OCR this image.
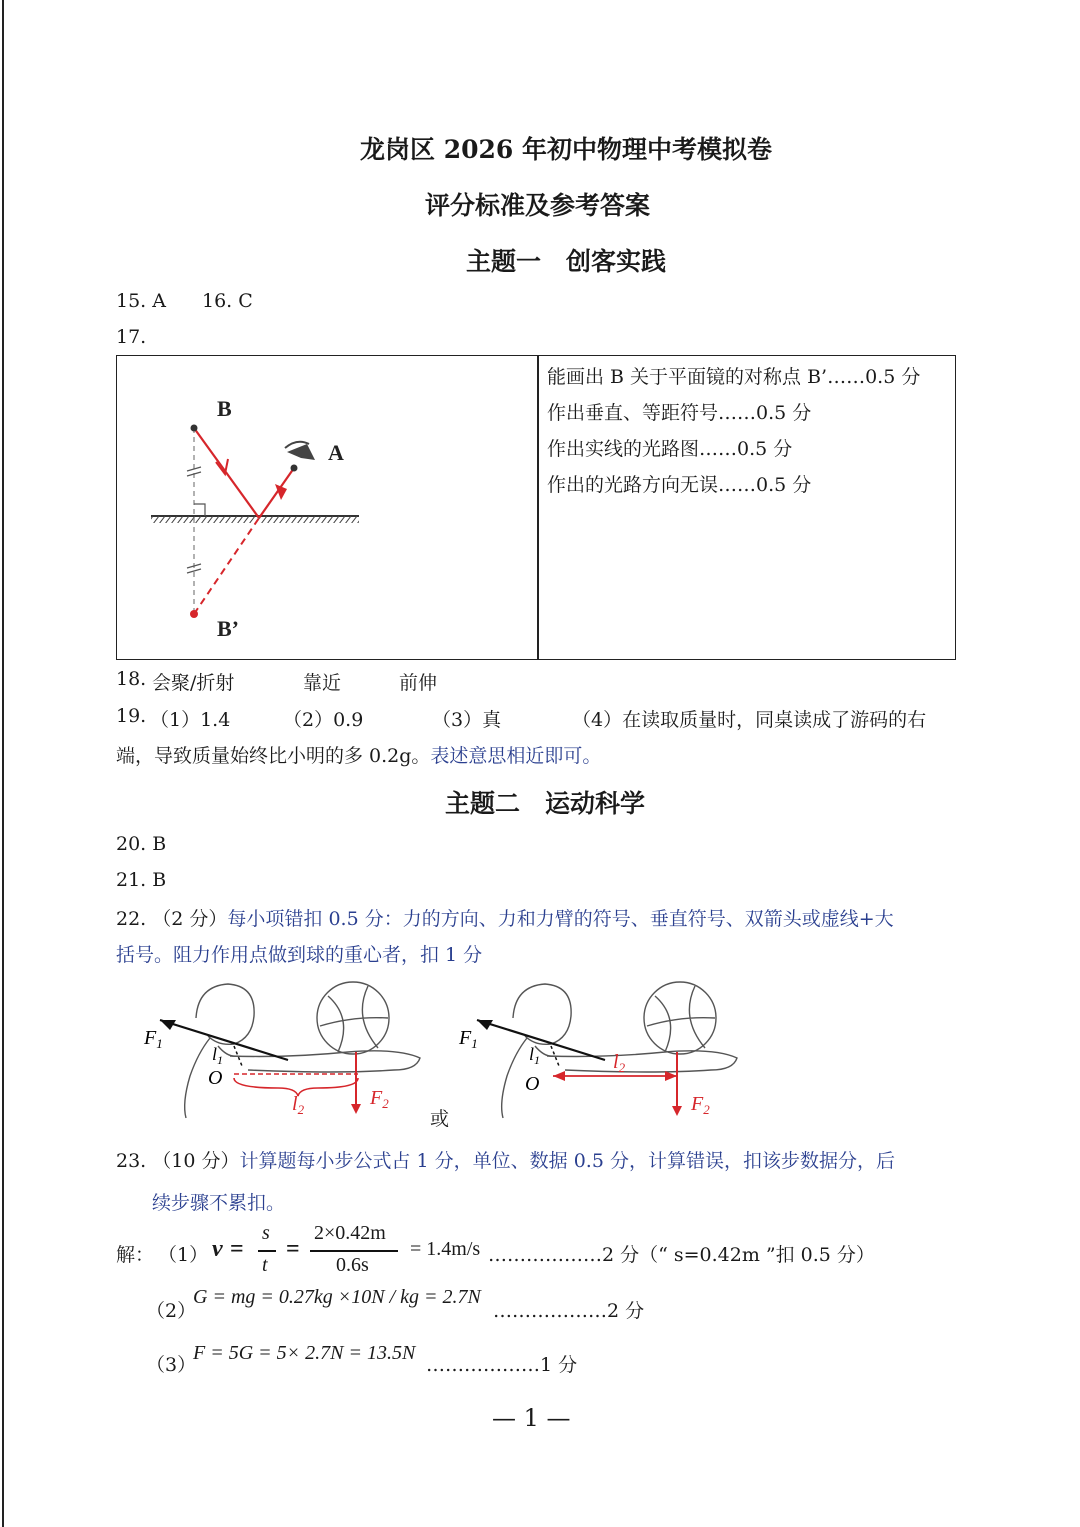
龙岗区 2026 年初中物理中考模拟卷
评分标准及参考答案
主题一　创客实践
15. A 16. C
17.
B
A
B’
能画出 B 关于平面镜的对称点 B’……0.5 分
作出垂直、等距符号……0.5 分
作出实线的光路图……0.5 分
作出的光路方向无误……0.5 分
18. 会聚/折射	靠近	前伸
19. （1）1.4	（2）0.9	（3）真	（4）在读取质量时，同桌读成了游码的右
端，导致质量始终比小明的多 0.2g。表述意思相近即可。
主题二　运动科学
20. B
21. B
22. （2 分）每小项错扣 0.5 分：力的方向、力和力臂的符号、垂直符号、双箭头或虚线+大
括号。阻力作用点做到球的重心者，扣 1 分
$F_1$
$l_1$
O
$l_2$
$F_2$
或
$F_1$
$l_1$
O
$l_2$
$F_2$
23. （10 分）计算题每小步公式占 1 分，单位、数据 0.5 分，计算错误，扣该步数据分，后
续步骤不累扣。
解： （1） v =
s
t
=
2×0.42m
0.6s
= 1.4m/s ………………2 分（“ s=0.42m ”扣 0.5 分）
（2）
G = mg = 0.27kg ×10N / kg = 2.7N
………………2 分
（3）
F = 5G = 5× 2.7N = 13.5N
………………1 分
— 1 —
